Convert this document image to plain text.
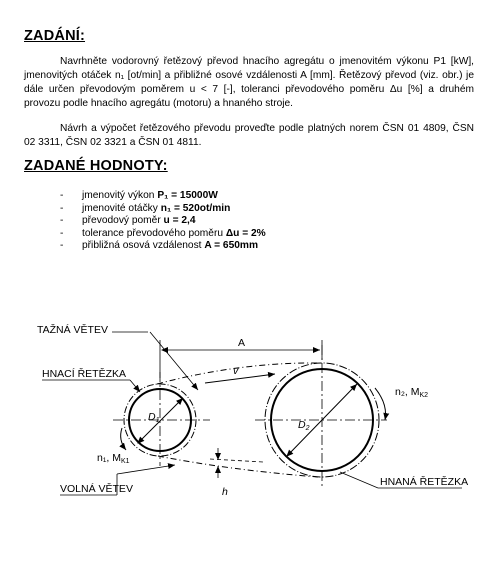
ZADÁNÍ:
Navrhněte vodorovný řetězový převod hnacího agregátu o jmenovitém výkonu P1 [kW], jmenovitých otáček n₁ [ot/min] a přibližné osové vzdálenosti A [mm]. Řetězový převod (viz. obr.) je dále určen převodovým poměrem u < 7 [-], toleranci převodového poměru Δu [%] a druhém provozu podle hnacího agregátu (motoru) a hnaného stroje.
Návrh a výpočet řetězového převodu proveďte podle platných norem ČSN 01 4809, ČSN 02 3311, ČSN 02 3321 a ČSN 01 4811.
ZADANÉ HODNOTY:
- jmenovitý výkon P₁ = 15000W
- jmenovité otáčky n₁ = 520ot/min
- převodový poměr u = 2,4
- tolerance převodového poměru Δu = 2%
- přibližná osová vzdálenost A = 650mm
v
A
TAŽNÁ VĚTEV
HNACÍ ŘETĚZKA
VOLNÁ VĚTEV
HNANÁ ŘETĚZKA
h
n₂, MK2
n₁, MK1
D1	D2
